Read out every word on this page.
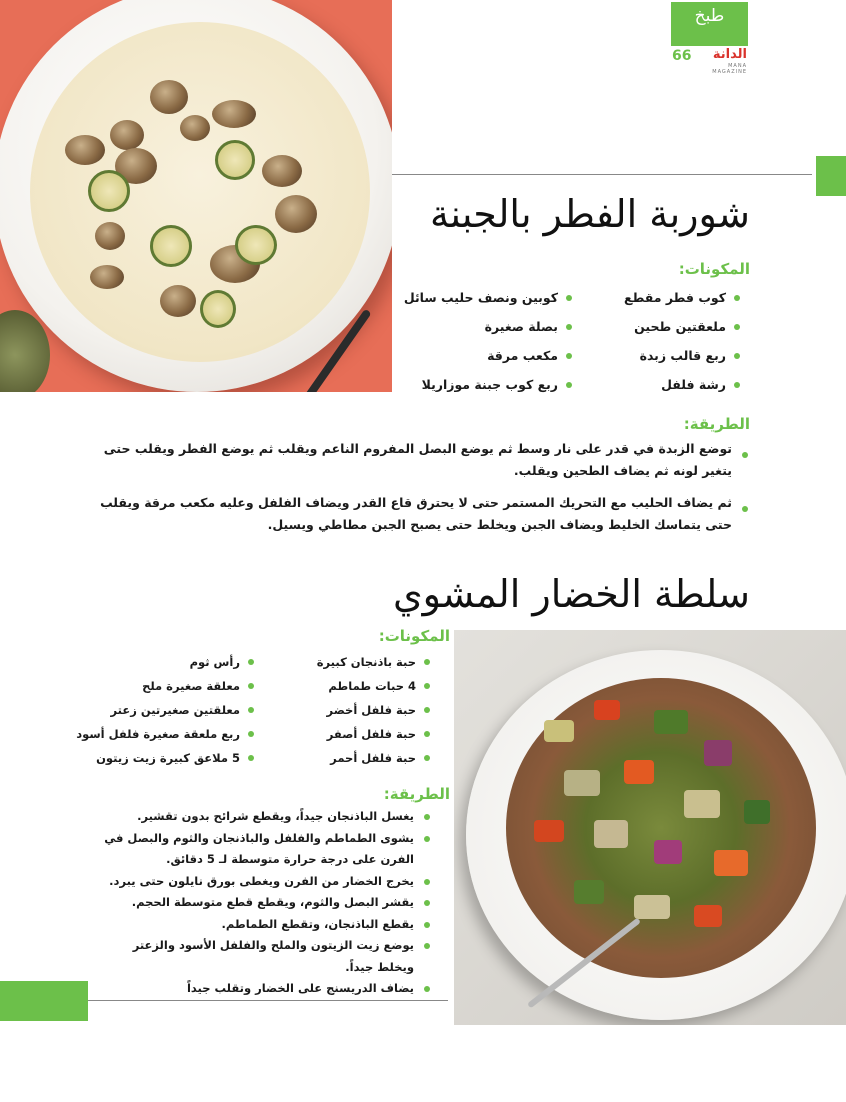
طبخ
66	الدانة
MANA MAGAZINE
شوربة الفطر بالجبنة
المكونات:
كوب فطر مقطع
ملعقتين طحين
ربع قالب زبدة
رشة فلفل
كوبين ونصف حليب سائل
بصلة صغيرة
مكعب مرقة
ربع كوب جبنة موزاريلا
الطريقة:
توضع الزبدة في قدر على نار وسط ثم يوضع البصل المفروم الناعم ويقلب ثم يوضع الفطر ويقلب حتى يتغير لونه ثم يضاف الطحين ويقلب.
ثم يضاف الحليب مع التحريك المستمر حتى لا يحترق قاع القدر ويضاف الفلفل وعليه مكعب مرقة ويقلب حتى يتماسك الخليط ويضاف الجبن ويخلط حتى يصبح الجبن مطاطي ويسيل.
سلطة الخضار المشوي
المكونات:
حبة باذنجان كبيرة
4 حبات طماطم
حبة فلفل أخضر
حبة فلفل أصفر
حبة فلفل أحمر
رأس ثوم
معلقة صغيرة ملح
معلقتين صغيرتين زعتر
ربع ملعقة صغيرة فلفل أسود
5 ملاعق كبيرة زيت زيتون
الطريقة:
يغسل الباذنجان جيداً، ويقطع شرائح بدون تقشير.
يشوى الطماطم والفلفل والباذنجان والثوم والبصل في الفرن على درجة حرارة متوسطة لـ 5 دقائق.
يخرج الخضار من الفرن ويغطى بورق نايلون حتى يبرد.
يقشر البصل والثوم، ويقطع قطع متوسطة الحجم.
يقطع الباذنجان، وتقطع الطماطم.
يوضع زيت الزيتون والملح والفلفل الأسود والزعتر ويخلط جيداً.
يضاف الدريسنج على الخضار وتقلب جيداً
